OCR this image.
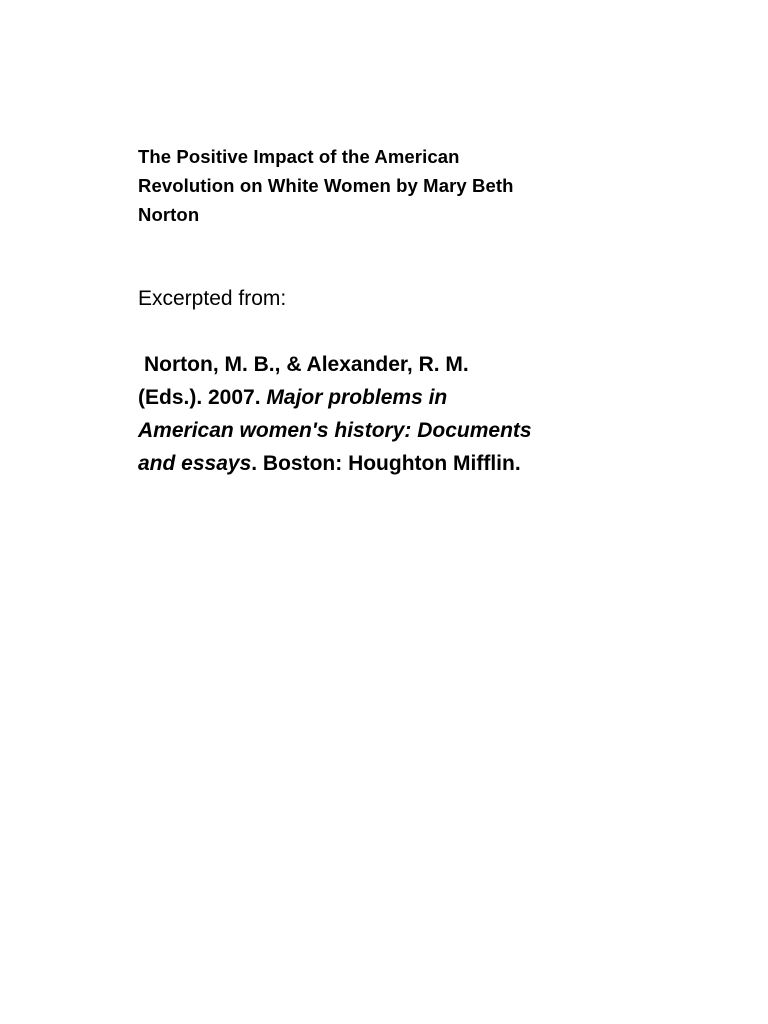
The Positive Impact of the American
Revolution on White Women by Mary Beth
Norton

Excerpted from:

Norton, M. B., & Alexander, R. M.
(Eds.). 2007. Major problems in
American women's history: Documents
and essays. Boston: Houghton Mifflin.
